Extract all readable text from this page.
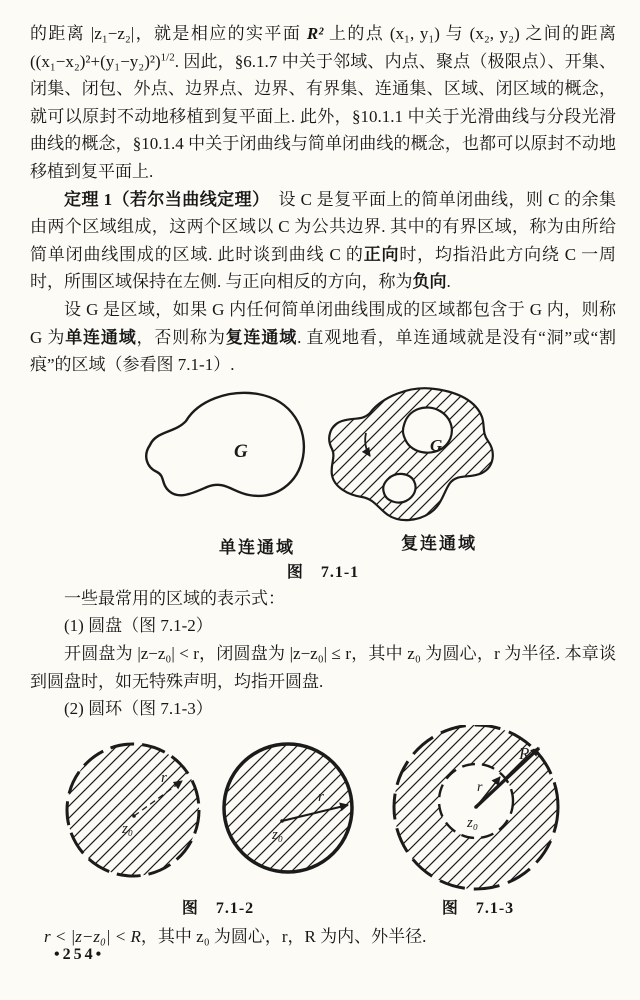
的距离 |z₁−z₂|，就是相应的实平面 R² 上的点 (x₁, y₁) 与 (x₂, y₂) 之间的距离 $((x_1-x_2)^2+(y_1-y_2)^2)^{1/2}$. 因此，§6.1.7 中关于邻域、内点、聚点（极限点）、开集、闭集、闭包、外点、边界点、边界、有界集、连通集、区域、闭区域的概念，就可以原封不动地移植到复平面上. 此外，§10.1.1 中关于光滑曲线与分段光滑曲线的概念，§10.1.4 中关于闭曲线与简单闭曲线的概念，也都可以原封不动地移植到复平面上.

定理 1（若尔当曲线定理）　设 C 是复平面上的简单闭曲线，则 C 的余集由两个区域组成，这两个区域以 C 为公共边界. 其中的有界区域，称为由所给简单闭曲线围成的区域. 此时谈到曲线 C 的正向时，均指沿此方向绕 C 一周时，所围区域保持在左侧. 与正向相反的方向，称为负向.

设 G 是区域，如果 G 内任何简单闭曲线围成的区域都包含于 G 内，则称 G 为单连通域，否则称为复连通域. 直观地看，单连通域就是没有“洞”或“割痕”的区域（参看图 7.1-1）.

G	G
单连通域	复连通域
图　7.1-1

一些最常用的区域的表示式：

(1) 圆盘（图 7.1-2）

开圆盘为 |z−z₀| < r，闭圆盘为 |z−z₀| ≤ r，其中 z₀ 为圆心，r 为半径. 本章谈到圆盘时，如无特殊声明，均指开圆盘.

(2) 圆环（图 7.1-3）

z₀
r
z₀
r
z₀
r
R
图　7.1-2	图　7.1-3

r < |z−z₀| < R，其中 z₀ 为圆心，r，R 为内、外半径.

•254•
